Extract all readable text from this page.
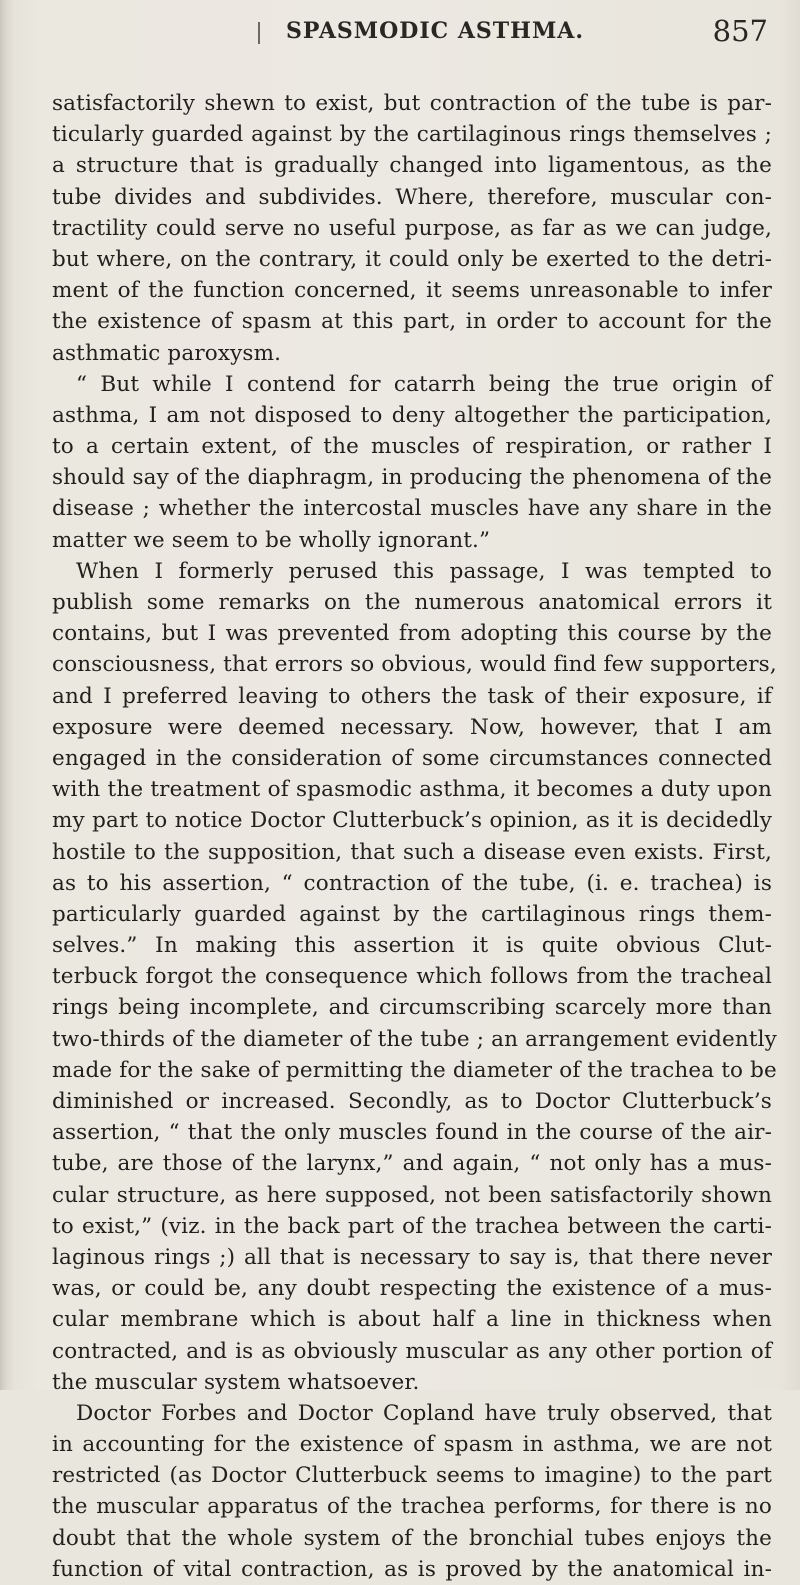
SPASMODIC ASTHMA.	857
satisfactorily shewn to exist, but contraction of the tube is par-
ticularly guarded against by the cartilaginous rings themselves ;
a structure that is gradually changed into ligamentous, as the
tube divides and subdivides. Where, therefore, muscular con-
tractility could serve no useful purpose, as far as we can judge,
but where, on the contrary, it could only be exerted to the detri-
ment of the function concerned, it seems unreasonable to infer
the existence of spasm at this part, in order to account for the
asthmatic paroxysm.
“ But while I contend for catarrh being the true origin of
asthma, I am not disposed to deny altogether the participation,
to a certain extent, of the muscles of respiration, or rather I
should say of the diaphragm, in producing the phenomena of the
disease ; whether the intercostal muscles have any share in the
matter we seem to be wholly ignorant.”
When I formerly perused this passage, I was tempted to
publish some remarks on the numerous anatomical errors it
contains, but I was prevented from adopting this course by the
consciousness, that errors so obvious, would find few supporters,
and I preferred leaving to others the task of their exposure, if
exposure were deemed necessary. Now, however, that I am
engaged in the consideration of some circumstances connected
with the treatment of spasmodic asthma, it becomes a duty upon
my part to notice Doctor Clutterbuck’s opinion, as it is decidedly
hostile to the supposition, that such a disease even exists. First,
as to his assertion, “ contraction of the tube, (i. e. trachea) is
particularly guarded against by the cartilaginous rings them-
selves.” In making this assertion it is quite obvious Clut-
terbuck forgot the consequence which follows from the tracheal
rings being incomplete, and circumscribing scarcely more than
two-thirds of the diameter of the tube ; an arrangement evidently
made for the sake of permitting the diameter of the trachea to be
diminished or increased. Secondly, as to Doctor Clutterbuck’s
assertion, “ that the only muscles found in the course of the air-
tube, are those of the larynx,” and again, “ not only has a mus-
cular structure, as here supposed, not been satisfactorily shown
to exist,” (viz. in the back part of the trachea between the carti-
laginous rings ;) all that is necessary to say is, that there never
was, or could be, any doubt respecting the existence of a mus-
cular membrane which is about half a line in thickness when
contracted, and is as obviously muscular as any other portion of
the muscular system whatsoever.
Doctor Forbes and Doctor Copland have truly observed, that
in accounting for the existence of spasm in asthma, we are not
restricted (as Doctor Clutterbuck seems to imagine) to the part
the muscular apparatus of the trachea performs, for there is no
doubt that the whole system of the bronchial tubes enjoys the
function of vital contraction, as is proved by the anatomical in-
